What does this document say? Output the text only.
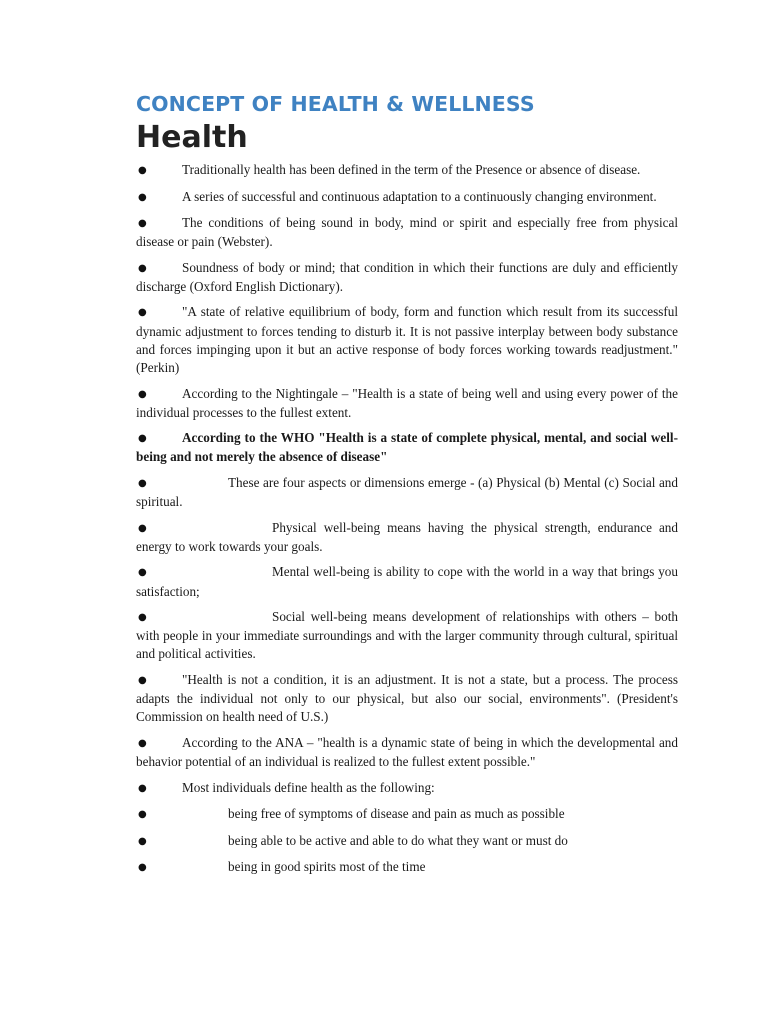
CONCEPT OF HEALTH & WELLNESS
Health
●	Traditionally health has been defined in the term of the Presence or absence of disease.
●	A series of successful and continuous adaptation to a continuously changing environment.
●	The conditions of being sound in body, mind or spirit and especially free from physical disease or pain (Webster).
●	Soundness of body or mind; that condition in which their functions are duly and efficiently discharge (Oxford English Dictionary).
●	"A state of relative equilibrium of body, form and function which result from its successful dynamic adjustment to forces tending to disturb it. It is not passive interplay between body substance and forces impinging upon it but an active response of body forces working towards readjustment." (Perkin)
●	According to the Nightingale – "Health is a state of being well and using every power of the individual processes to the fullest extent.
●	According to the WHO "Health is a state of complete physical, mental, and social well-being and not merely the absence of disease"
●	These are four aspects or dimensions emerge - (a) Physical (b) Mental (c) Social and spiritual.
●	Physical well-being means having the physical strength, endurance and energy to work towards your goals.
●	Mental well-being is ability to cope with the world in a way that brings you satisfaction;
●	Social well-being means development of relationships with others – both with people in your immediate surroundings and with the larger community through cultural, spiritual and political activities.
●	"Health is not a condition, it is an adjustment. It is not a state, but a process. The process adapts the individual not only to our physical, but also our social, environments". (President's Commission on health need of U.S.)
●	According to the ANA – "health is a dynamic state of being in which the developmental and behavior potential of an individual is realized to the fullest extent possible."
●	Most individuals define health as the following:
●	being free of symptoms of disease and pain as much as possible
●	being able to be active and able to do what they want or must do
●	being in good spirits most of the time
